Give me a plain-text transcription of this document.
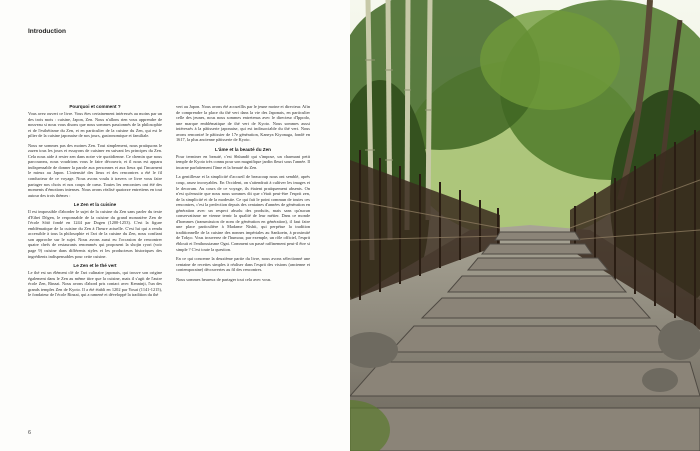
Introduction
Pourquoi et comment ?

Vous avez ouvert ce livre. Vous êtes certainement intéressés au moins par un des trois mots : cuisine, Japon, Zen. Nous n'allons rien vous apprendre de nouveau si nous vous disons que nous sommes passionnés de la philosophie et de l'esthétisme du Zen, et en particulier de la cuisine du Zen, qui est le pilier de la cuisine japonaise de nos jours, gastronomique et familiale.

Nous ne sommes pas des moines Zen. Tout simplement, nous pratiquons le zazen tous les jours et essayons de cuisiner en suivant les principes du Zen. Cela nous aide à rester zen dans notre vie quotidienne. Ce chemin que nous parcourons, nous voudrions vous le faire découvrir, et il nous est apparu indispensable de donner la parole aux personnes et aux lieux qui l'incarnent le mieux au Japon. L'intensité des lieux et des rencontres a été le fil conducteur de ce voyage. Nous avons voulu à travers ce livre vous faire partager nos choix et nos coups de cœur. Toutes les rencontres ont été des moments d'émotions intenses. Nous avons réalisé quatorze entretiens en tout autour des trois thèmes :

Le Zen et la cuisine

Il est impossible d'aborder le sujet de la cuisine du Zen sans parler du texte d'Eihei Dōgen, le responsable de la cuisine du grand monastère Zen de l'école Sōtō fondé en 1244 par Dogen (1200-1253). C'est la figure emblématique de la cuisine du Zen à l'heure actuelle. C'est lui qui a rendu accessible à tous la philosophie et l'art de la cuisine du Zen, nous confiant son approche sur le sujet. Nous avons aussi eu l'occasion de rencontrer quatre chefs de restaurants renommés qui proposent la shojin ryori (voir page 9) cuisine dans différents styles et les producteurs historiques des ingrédients indispensables pour cette cuisine.

Le Zen et le thé vert

Le thé est un élément clé de l'art culinaire japonais, qui trouve son origine également dans le Zen au même titre que la cuisine, mais il s'agit de l'autre école Zen, Rinzai. Nous avons d'abord pris contact avec Kenninji, l'un des grands temples Zen de Kyoto. Il a été établi en 1202 par Yosai (1141-1215), le fondateur de l'école Rinzai, qui a ramené et développé la tradition du thé

vert au Japon. Nous avons été accueillis par le jeune moine et directeur. Afin de comprendre la place du thé vert dans la vie des Japonais, en particulier celle des jeunes, nous nous sommes entretenus avec le directeur d'Ippodo, une marque emblématique de thé vert de Kyoto. Nous sommes aussi intéressés à la pâtisserie japonaise, qui est indissociable du thé vert. Nous avons rencontré le pâtissier de 17e génération, Kaneya Kiyonaga, fondé en 1617, la plus ancienne pâtisserie de Kyoto.

L'âme et la beauté du Zen

Pour terminer en beauté, c'est Shūundō qui s'impose, un charmant petit temple de Kyoto très connu pour son magnifique jardin fleuri sous l'année. Il incarne parfaitement l'âme et la beauté du Zen.

La gentillesse et la simplicité d'accueil de beaucoup nous ont semblé, après coup, assez incroyables. En Occident, on s'attendrait à cultiver les images et le decorum. Au cours de ce voyage, ils étaient pratiquement absents. On n'est qu'ensuite que nous nous sommes dit que c'était peut-être l'esprit zen, de la simplicité et de la modestie. Ce qui fait le point commun de toutes ces rencontres, c'est la perfection depuis des centaines d'années de génération en génération avec un respect absolu des produits, mais sans qu'aucun conservatisme ne vienne ternir la qualité de leur métier. Dans ce monde d'hommes (transmission de nom de génération en génération), il faut faire une place particulière à Madame Nishii, qui perpétue la tradition traditionnelle de la cuisine des nonnes impériales au Sankoein, à proximité de Tokyo. Vous trouverez de l'humour, par exemple, un rôle officiel, l'esprit éblouit et l'enthousiasme Ogat. Comment un passé raffinement peut-il être si simple ? C'est toute la question.

En ce qui concerne la deuxième partie du livre, nous avons sélectionné une centaine de recettes simples à réaliser dans l'esprit des visions (ancienne et contemporaine) découvertes au fil des rencontres.

Nous sommes heureux de partager tout cela avec vous.

6
